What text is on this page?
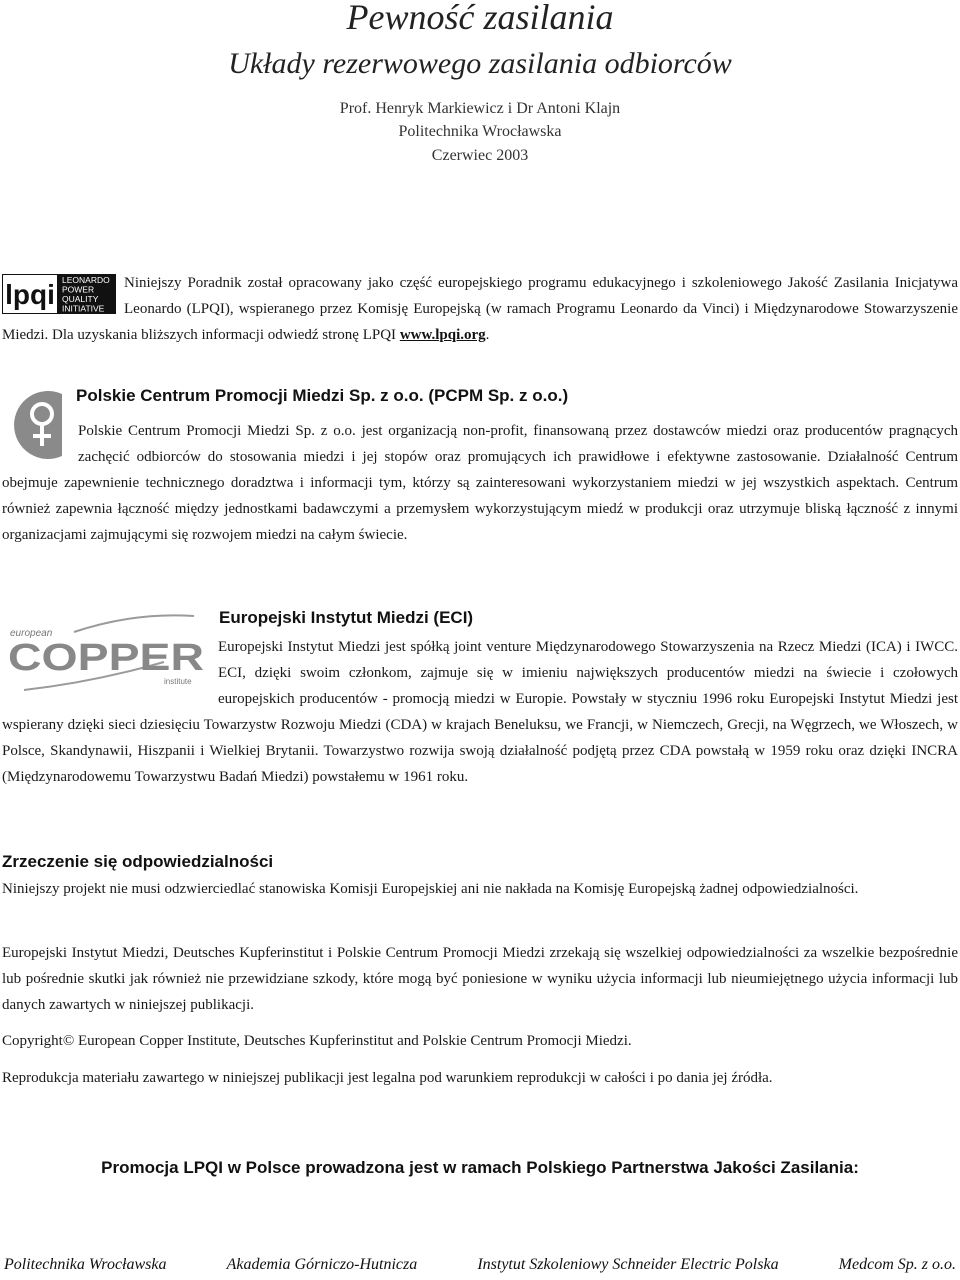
Pewność zasilania
Układy rezerwowego zasilania odbiorców
Prof. Henryk Markiewicz i Dr Antoni Klajn
Politechnika Wrocławska
Czerwiec 2003
lpqi LEONARDO
POWER
QUALITY
INITIATIVE
Niniejszy Poradnik został opracowany jako część europejskiego programu edukacyjnego i szkoleniowego Jakość Zasilania Inicjatywa Leonardo (LPQI), wspieranego przez Komisję Europejską (w ramach Programu Leonardo da Vinci) i Międzynarodowe Stowarzyszenie Miedzi. Dla uzyskania bliższych informacji odwiedź stronę LPQI www.lpqi.org.
Polskie Centrum Promocji Miedzi Sp. z o.o. (PCPM Sp. z o.o.)
Polskie Centrum Promocji Miedzi Sp. z o.o. jest organizacją non-profit, finansowaną przez dostawców miedzi oraz producentów pragnących zachęcić odbiorców do stosowania miedzi i jej stopów oraz promujących ich prawidłowe i efektywne zastosowanie. Działalność Centrum obejmuje zapewnienie technicznego doradztwa i informacji tym, którzy są zainteresowani wykorzystaniem miedzi w jej wszystkich aspektach. Centrum również zapewnia łączność między jednostkami badawczymi a przemysłem wykorzystującym miedź w produkcji oraz utrzymuje bliską łączność z innymi organizacjami zajmującymi się rozwojem miedzi na całym świecie.
european
COPPER
institute
Europejski Instytut Miedzi (ECI)
Europejski Instytut Miedzi jest spółką joint venture Międzynarodowego Stowarzyszenia na Rzecz Miedzi (ICA) i IWCC. ECI, dzięki swoim członkom, zajmuje się w imieniu największych producentów miedzi na świecie i czołowych europejskich producentów - promocją miedzi w Europie. Powstały w styczniu 1996 roku Europejski Instytut Miedzi jest wspierany dzięki sieci dziesięciu Towarzystw Rozwoju Miedzi (CDA) w krajach Beneluksu, we Francji, w Niemczech, Grecji, na Węgrzech, we Włoszech, w Polsce, Skandynawii, Hiszpanii i Wielkiej Brytanii. Towarzystwo rozwija swoją działalność podjętą przez CDA powstałą w 1959 roku oraz dzięki INCRA (Międzynarodowemu Towarzystwu Badań Miedzi) powstałemu w 1961 roku.
Zrzeczenie się odpowiedzialności
Niniejszy projekt nie musi odzwierciedlać stanowiska Komisji Europejskiej ani nie nakłada na Komisję Europejską żadnej odpowiedzialności.
Europejski Instytut Miedzi, Deutsches Kupferinstitut i Polskie Centrum Promocji Miedzi zrzekają się wszelkiej odpowiedzialności za wszelkie bezpośrednie lub pośrednie skutki jak również nie przewidziane szkody, które mogą być poniesione w wyniku użycia informacji lub nieumiejętnego użycia informacji lub danych zawartych w niniejszej publikacji.
Copyright© European Copper Institute, Deutsches Kupferinstitut and Polskie Centrum Promocji Miedzi.
Reprodukcja materiału zawartego w niniejszej publikacji jest legalna pod warunkiem reprodukcji w całości i po dania jej źródła.
Promocja LPQI w Polsce prowadzona jest w ramach Polskiego Partnerstwa Jakości Zasilania:
Politechnika Wrocławska	Akademia Górniczo-Hutnicza	Instytut Szkoleniowy Schneider Electric Polska	Medcom Sp. z o.o.
